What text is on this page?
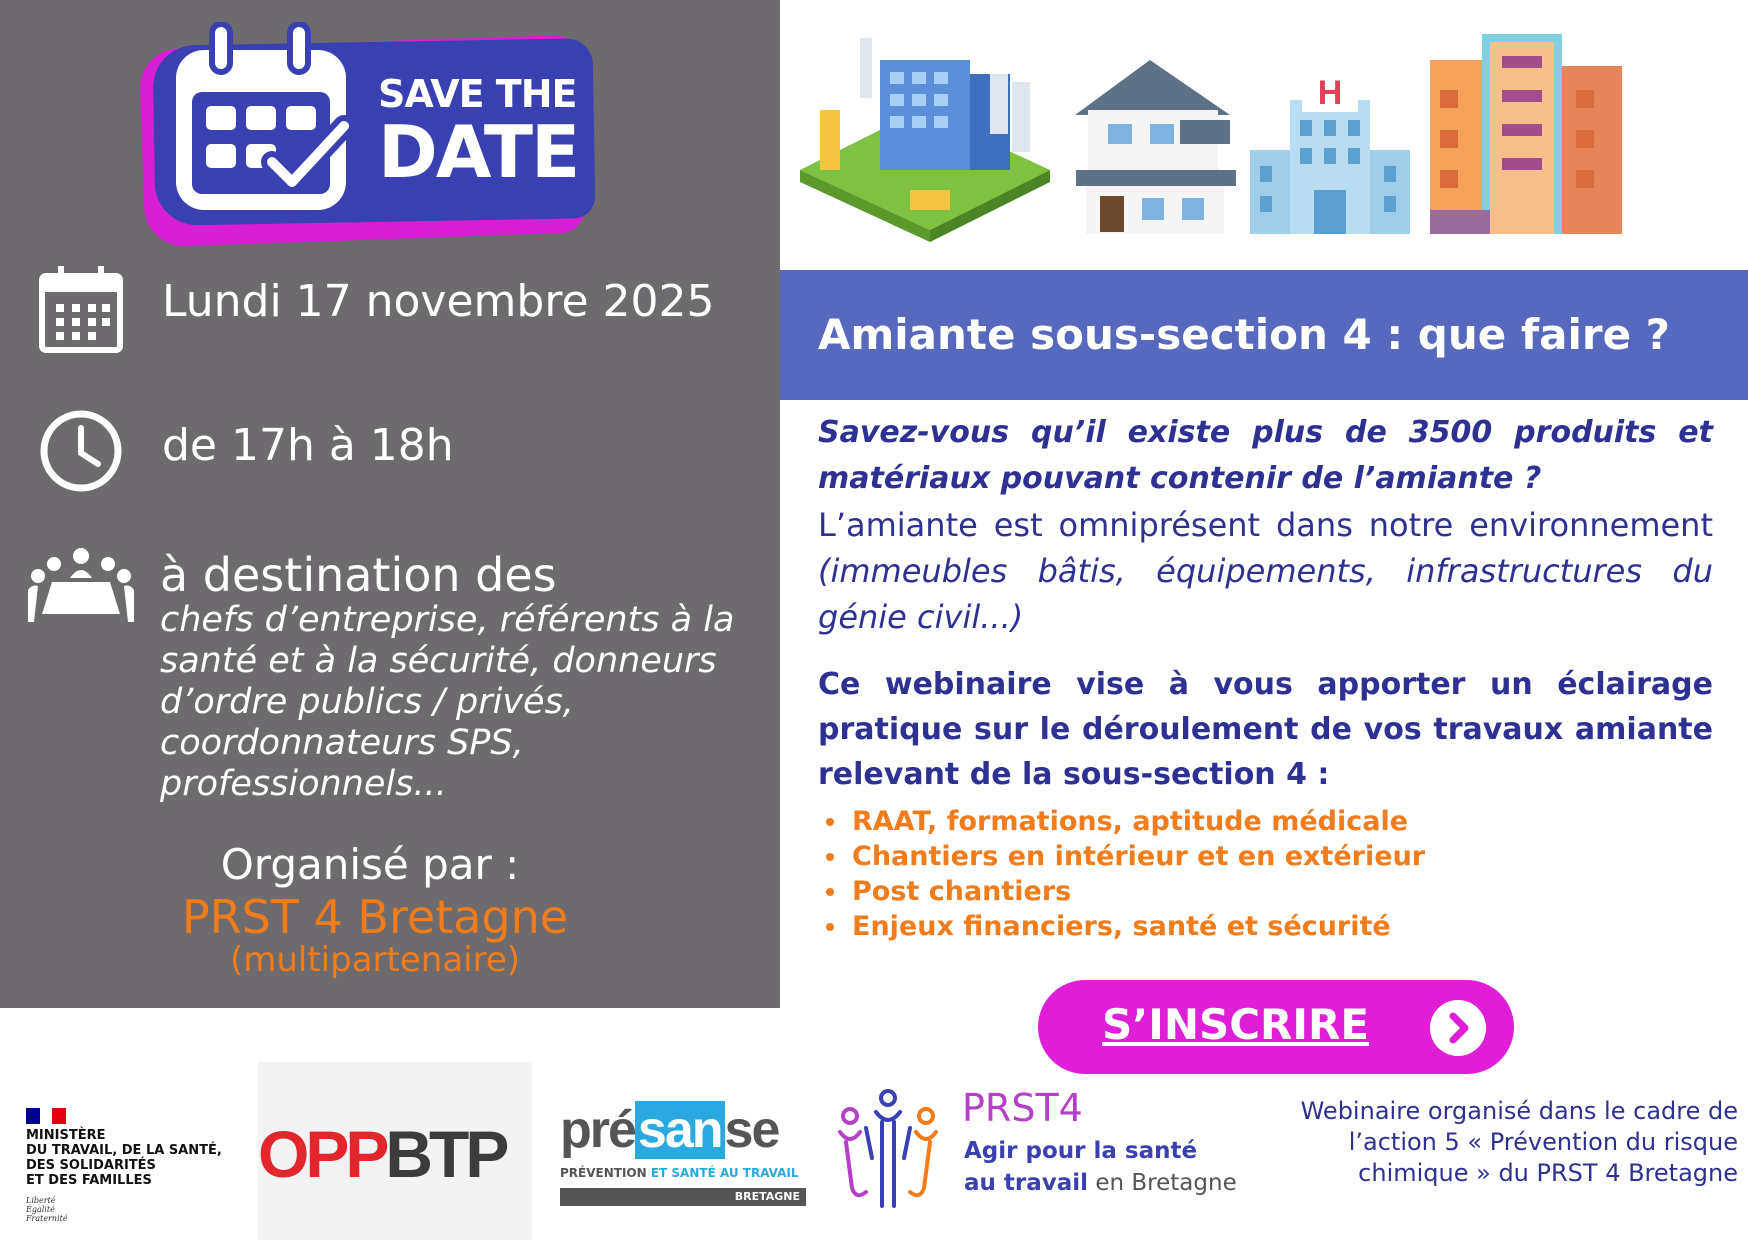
SAVE THE
DATE
Lundi 17 novembre 2025
de 17h à 18h
à destination des
chefs d’entreprise, référents à la santé et à la sécurité, donneurs d’ordre publics / privés, coordonnateurs SPS, professionnels...
Organisé par :
PRST 4 Bretagne
(multipartenaire)
H
Amiante sous-section 4 : que faire ?
Savez-vous qu’il existe plus de 3500 produits et matériaux pouvant contenir de l’amiante ?
L’amiante est omniprésent dans notre environnement (immeubles bâtis, équipements, infrastructures du génie civil...)
Ce webinaire vise à vous apporter un éclairage pratique sur le déroulement de vos travaux amiante relevant de la sous-section 4 :
RAAT, formations, aptitude médicale
Chantiers en intérieur et en extérieur
Post chantiers
Enjeux financiers, santé et sécurité
S’INSCRIRE
MINISTÈRE
DU TRAVAIL, DE LA SANTÉ,
DES SOLIDARITÉS
ET DES FAMILLES
Liberté
Égalité
Fraternité
OPPBTP présanse
PRÉVENTION ET SANTÉ AU TRAVAIL
BRETAGNE
PRST4
Agir pour la santé
au travail en Bretagne
Webinaire organisé dans le cadre de l’action 5 « Prévention du risque chimique » du PRST 4 Bretagne
